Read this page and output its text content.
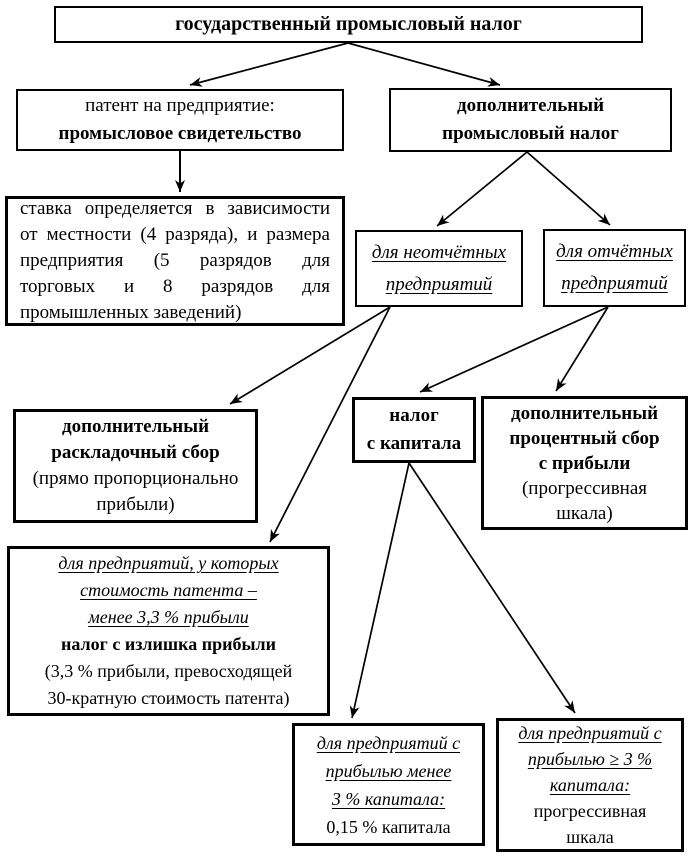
государственный промысловый налог
патент на предприятие:
промысловое свидетельство
дополнительный
промысловый налог
ставка определяется в зависимости
от местности (4 разряда), и размера
предприятия (5 разрядов для
торговых и 8 разрядов для
промышленных заведений)
для неотчётных
предприятий
для отчётных
предприятий
дополнительный
раскладочный сбор
(прямо пропорционально
прибыли)
налог
с капитала
дополнительный
процентный сбор
с прибыли
(прогрессивная
шкала)
для предприятий, у которых
стоимость патента –
менее 3,3 % прибыли
налог с излишка прибыли
(3,3 % прибыли, превосходящей
30-кратную стоимость патента)
для предприятий с
прибылью менее
3 % капитала:
0,15 % капитала
для предприятий с
прибылью ≥ 3 %
капитала:
прогрессивная
шкала
